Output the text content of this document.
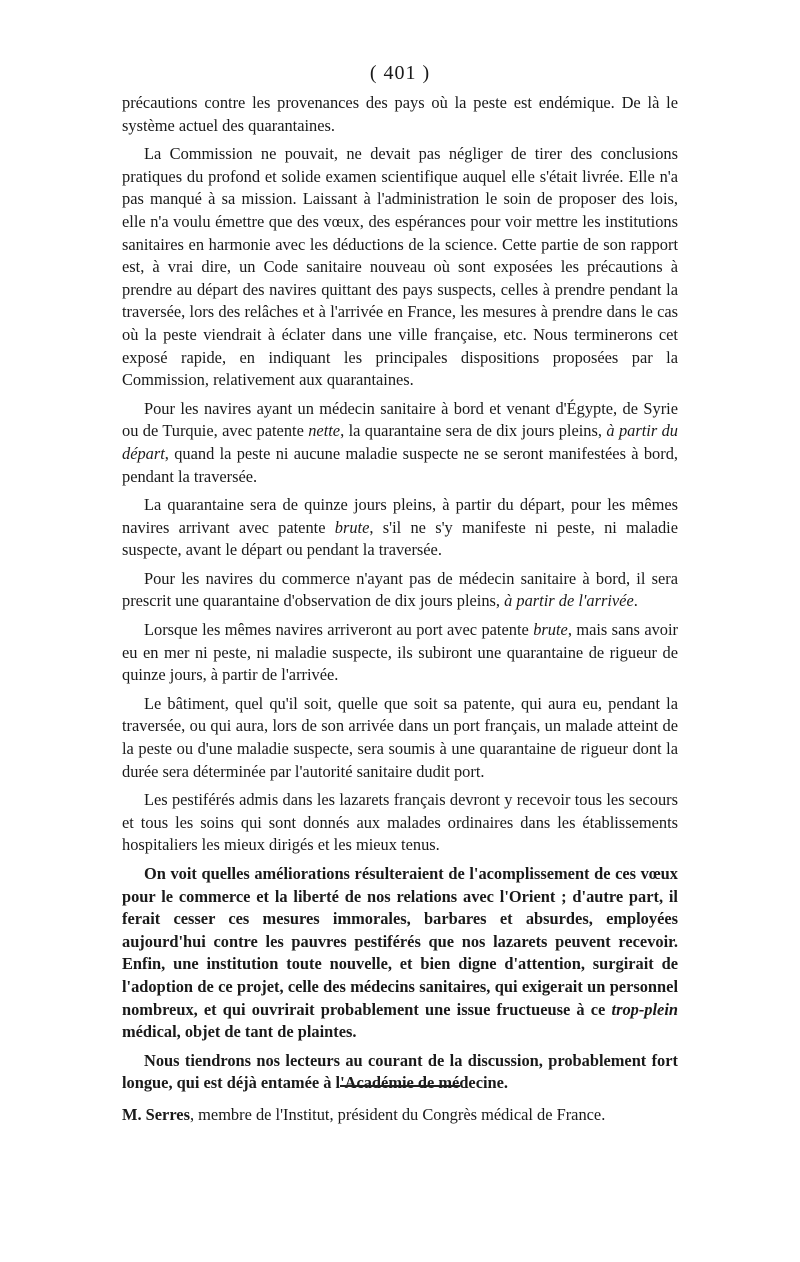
( 401 )

précautions contre les provenances des pays où la peste est endémique. De là le système actuel des quarantaines.

La Commission ne pouvait, ne devait pas négliger de tirer des conclusions pratiques du profond et solide examen scientifique auquel elle s'était livrée. Elle n'a pas manqué à sa mission. Laissant à l'administration le soin de proposer des lois, elle n'a voulu émettre que des vœux, des espérances pour voir mettre les institutions sanitaires en harmonie avec les déductions de la science. Cette partie de son rapport est, à vrai dire, un Code sanitaire nouveau où sont exposées les précautions à prendre au départ des navires quittant des pays suspects, celles à prendre pendant la traversée, lors des relâches et à l'arrivée en France, les mesures à prendre dans le cas où la peste viendrait à éclater dans une ville française, etc. Nous terminerons cet exposé rapide, en indiquant les principales dispositions proposées par la Commission, relativement aux quarantaines.

Pour les navires ayant un médecin sanitaire à bord et venant d'Égypte, de Syrie ou de Turquie, avec patente nette, la quarantaine sera de dix jours pleins, à partir du départ, quand la peste ni aucune maladie suspecte ne se seront manifestées à bord, pendant la traversée.

La quarantaine sera de quinze jours pleins, à partir du départ, pour les mêmes navires arrivant avec patente brute, s'il ne s'y manifeste ni peste, ni maladie suspecte, avant le départ ou pendant la traversée.

Pour les navires du commerce n'ayant pas de médecin sanitaire à bord, il sera prescrit une quarantaine d'observation de dix jours pleins, à partir de l'arrivée.

Lorsque les mêmes navires arriveront au port avec patente brute, mais sans avoir eu en mer ni peste, ni maladie suspecte, ils subiront une quarantaine de rigueur de quinze jours, à partir de l'arrivée.

Le bâtiment, quel qu'il soit, quelle que soit sa patente, qui aura eu, pendant la traversée, ou qui aura, lors de son arrivée dans un port français, un malade atteint de la peste ou d'une maladie suspecte, sera soumis à une quarantaine de rigueur dont la durée sera déterminée par l'autorité sanitaire dudit port.

Les pestiférés admis dans les lazarets français devront y recevoir tous les secours et tous les soins qui sont donnés aux malades ordinaires dans les établissements hospitaliers les mieux dirigés et les mieux tenus.

On voit quelles améliorations résulteraient de l'acomplissement de ces vœux pour le commerce et la liberté de nos relations avec l'Orient ; d'autre part, il ferait cesser ces mesures immorales, barbares et absurdes, employées aujourd'hui contre les pauvres pestiférés que nos lazarets peuvent recevoir. Enfin, une institution toute nouvelle, et bien digne d'attention, surgirait de l'adoption de ce projet, celle des médecins sanitaires, qui exigerait un personnel nombreux, et qui ouvrirait probablement une issue fructueuse à ce trop-plein médical, objet de tant de plaintes.

Nous tiendrons nos lecteurs au courant de la discussion, probablement fort longue, qui est déjà entamée à l'Académie de médecine.

M. Serres, membre de l'Institut, président du Congrès médical de France.
